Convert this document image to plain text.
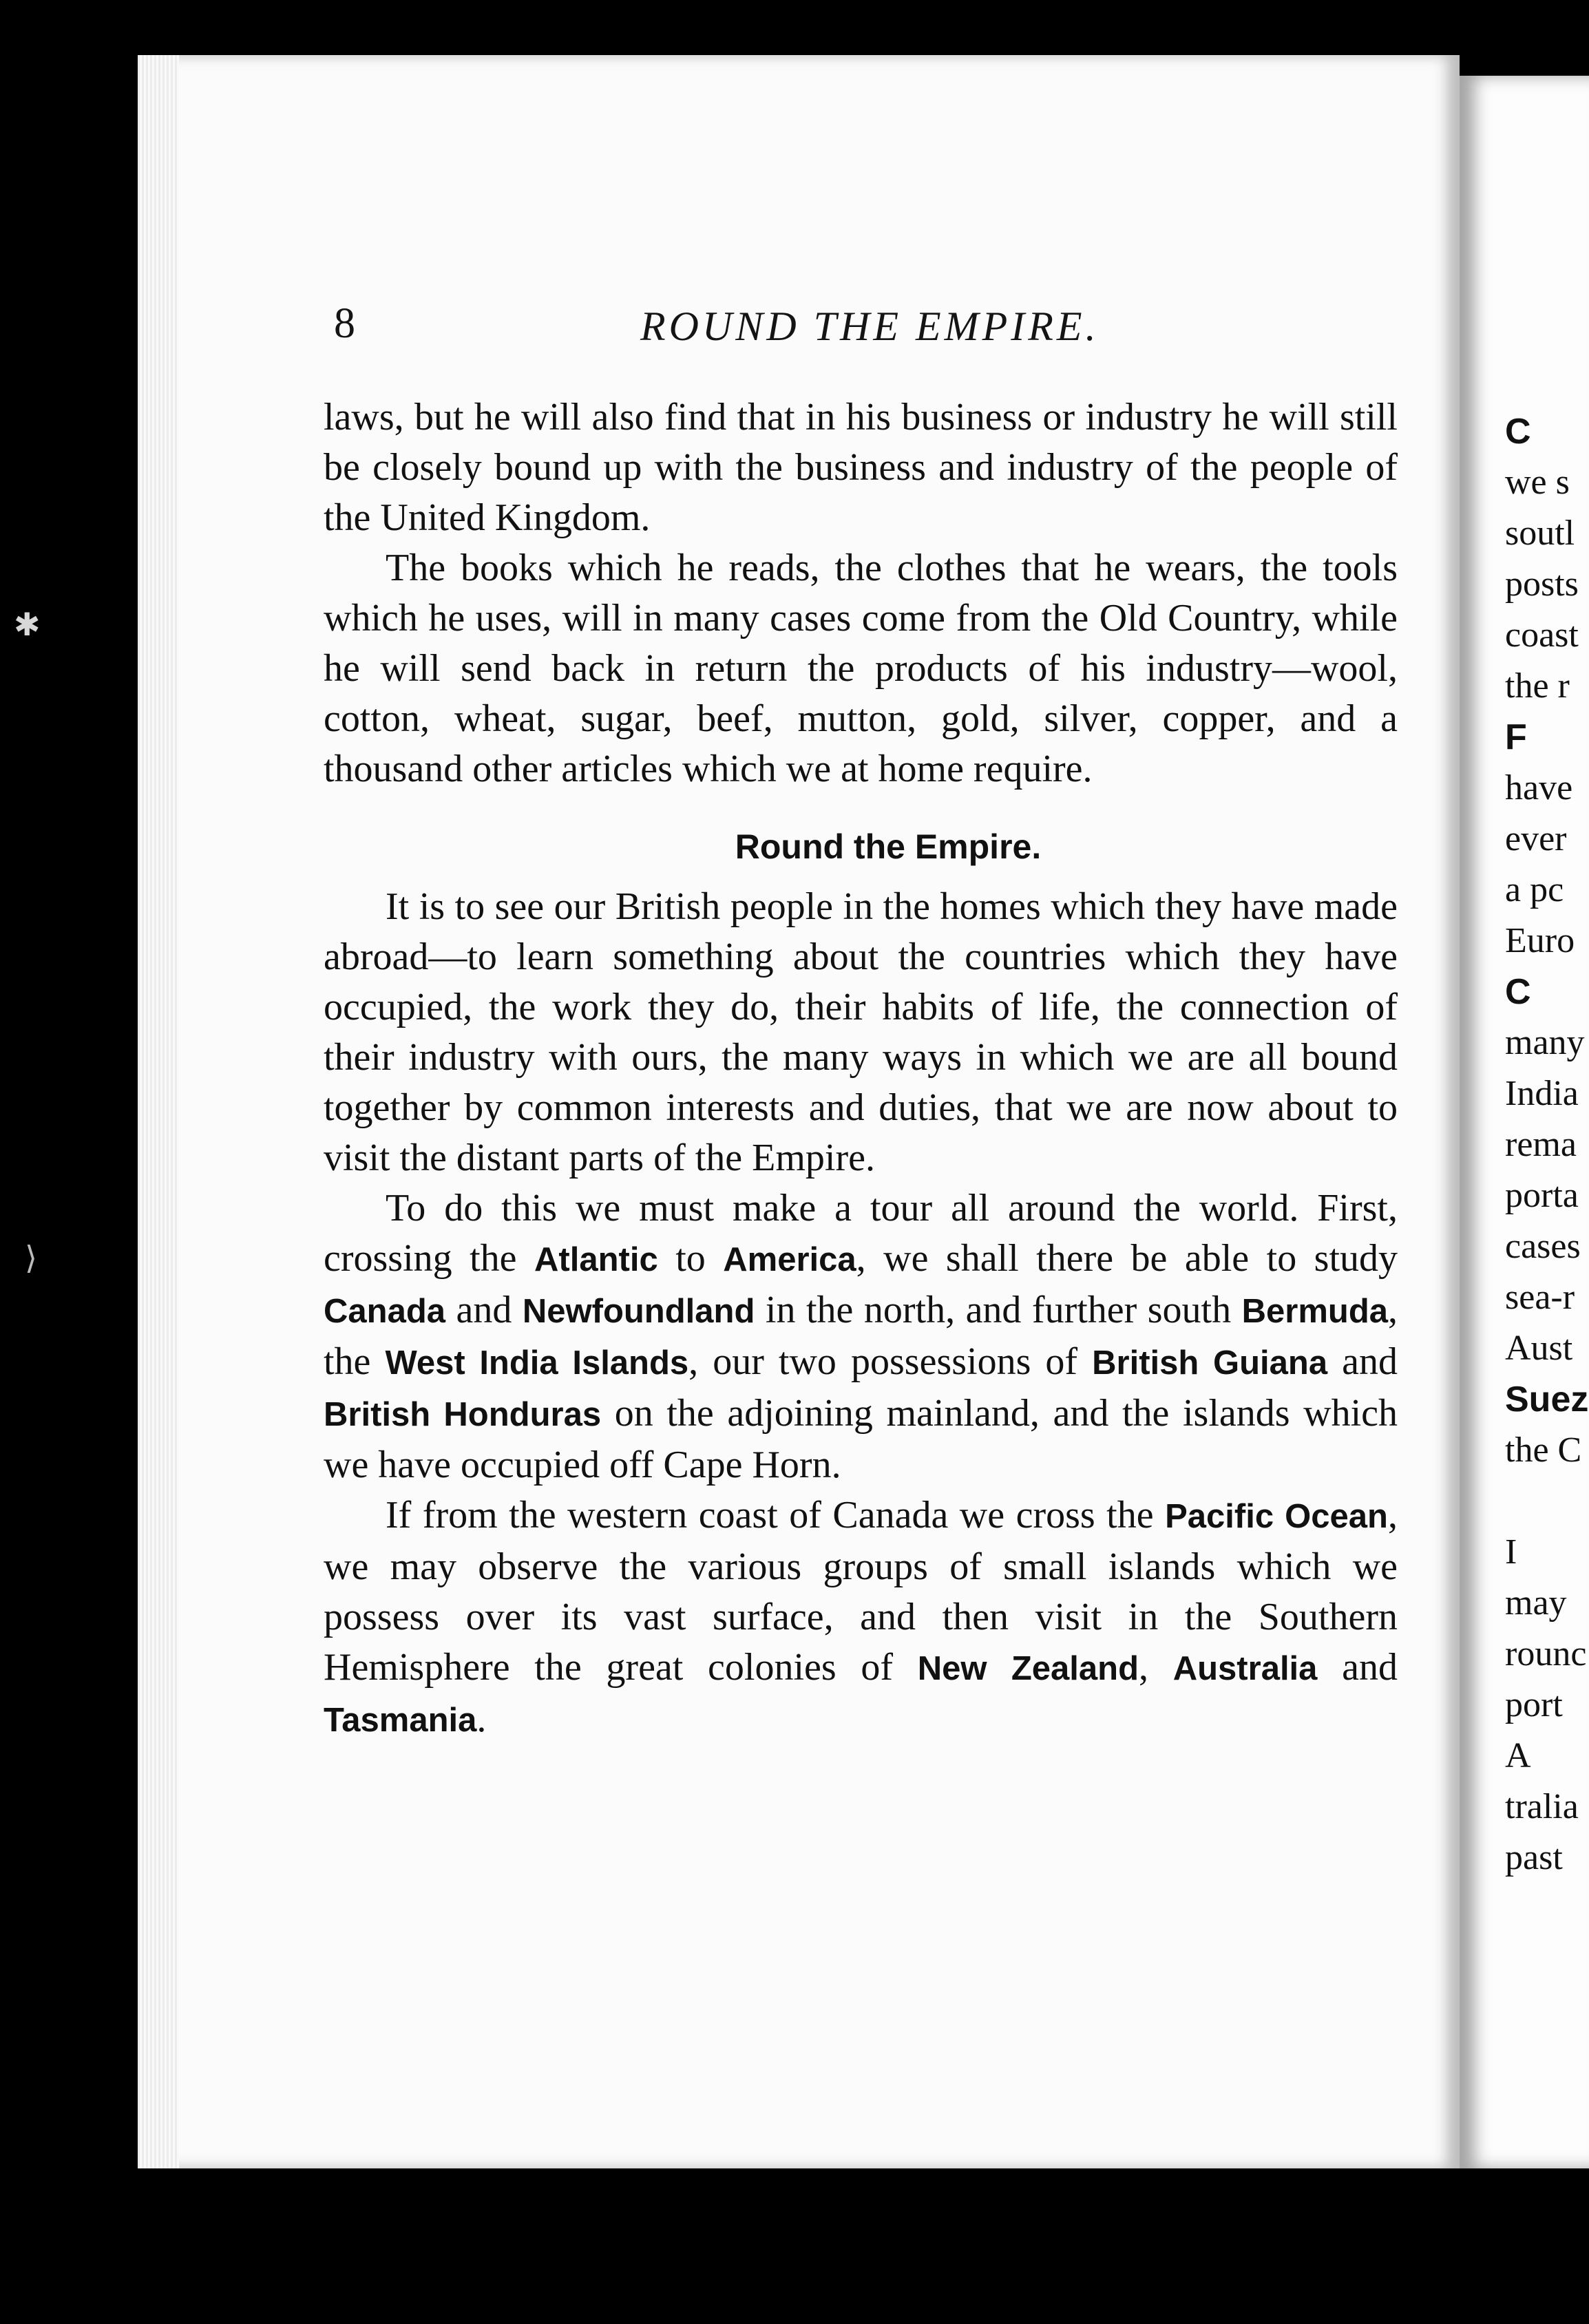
✱
⟩
8	ROUND THE EMPIRE.

laws, but he will also find that in his business or industry he will still be closely bound up with the business and industry of the people of the United Kingdom.

The books which he reads, the clothes that he wears, the tools which he uses, will in many cases come from the Old Country, while he will send back in return the products of his industry—wool, cotton, wheat, sugar, beef, mutton, gold, silver, copper, and a thousand other articles which we at home require.

Round the Empire.

It is to see our British people in the homes which they have made abroad—to learn something about the countries which they have occupied, the work they do, their habits of life, the connection of their industry with ours, the many ways in which we are all bound together by common interests and duties, that we are now about to visit the distant parts of the Empire.

To do this we must make a tour all around the world. First, crossing the Atlantic to America, we shall there be able to study Canada and Newfoundland in the north, and further south Bermuda, the West India Islands, our two possessions of British Guiana and British Honduras on the adjoining mainland, and the islands which we have occupied off Cape Horn.

If from the western coast of Canada we cross the Pacific Ocean, we may observe the various groups of small islands which we possess over its vast surface, and then visit in the Southern Hemisphere the great colonies of New Zealand, Australia and Tasmania.

C
we s
soutl
posts
coast
the r
F
have
ever
a pc
Euro
C
many
India
rema
porta
cases
sea-r
Aust
Suez
the C
I
may
rounc
port
A
tralia
past
